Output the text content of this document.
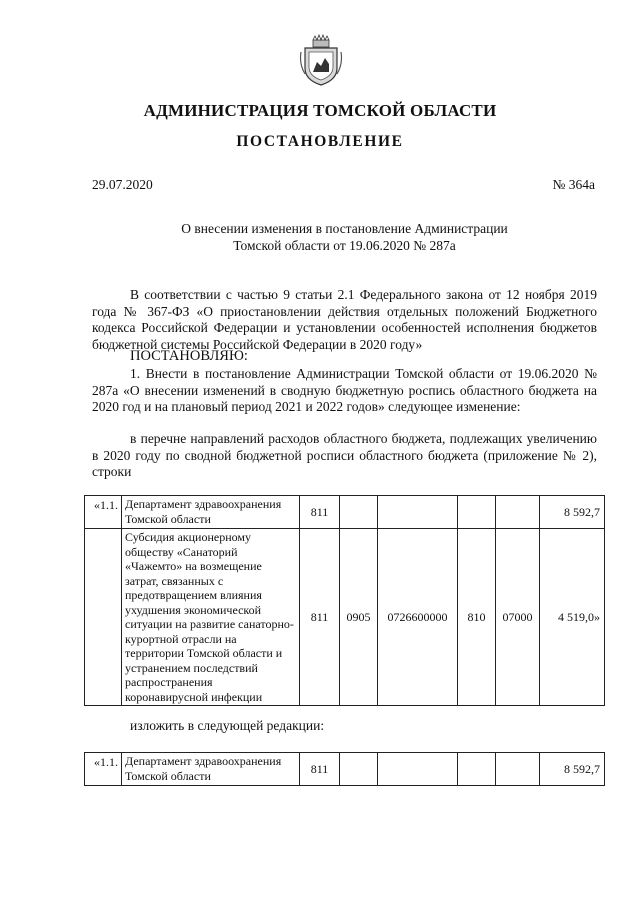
АДМИНИСТРАЦИЯ ТОМСКОЙ ОБЛАСТИ
ПОСТАНОВЛЕНИЕ
29.07.2020	№ 364а
О внесении изменения в постановление Администрации
Томской области от 19.06.2020 № 287а
В соответствии с частью 9 статьи 2.1 Федерального закона от 12 ноября 2019 года № 367-ФЗ «О приостановлении действия отдельных положений Бюджетного кодекса Российской Федерации и установлении особенностей исполнения бюджетов бюджетной системы Российской Федерации в 2020 году»
ПОСТАНОВЛЯЮ:
1. Внести в постановление Администрации Томской области от 19.06.2020 № 287а «О внесении изменений в сводную бюджетную роспись областного бюджета на 2020 год и на плановый период 2021 и 2022 годов» следующее изменение:
в перечне направлений расходов областного бюджета, подлежащих увеличению в 2020 году по сводной бюджетной росписи областного бюджета (приложение № 2), строки
«1.1.	Департамент здравоохранения Томской области	811					8 592,7
	Субсидия акционерному обществу «Санаторий «Чажемто» на возмещение затрат, связанных с предотвращением влияния ухудшения экономической ситуации на развитие санаторно-курортной отрасли на территории Томской области и устранением последствий распространения коронавирусной инфекции	811	0905	0726600000	810	07000	4 519,0»
изложить в следующей редакции:
«1.1.	Департамент здравоохранения Томской области	811					8 592,7
